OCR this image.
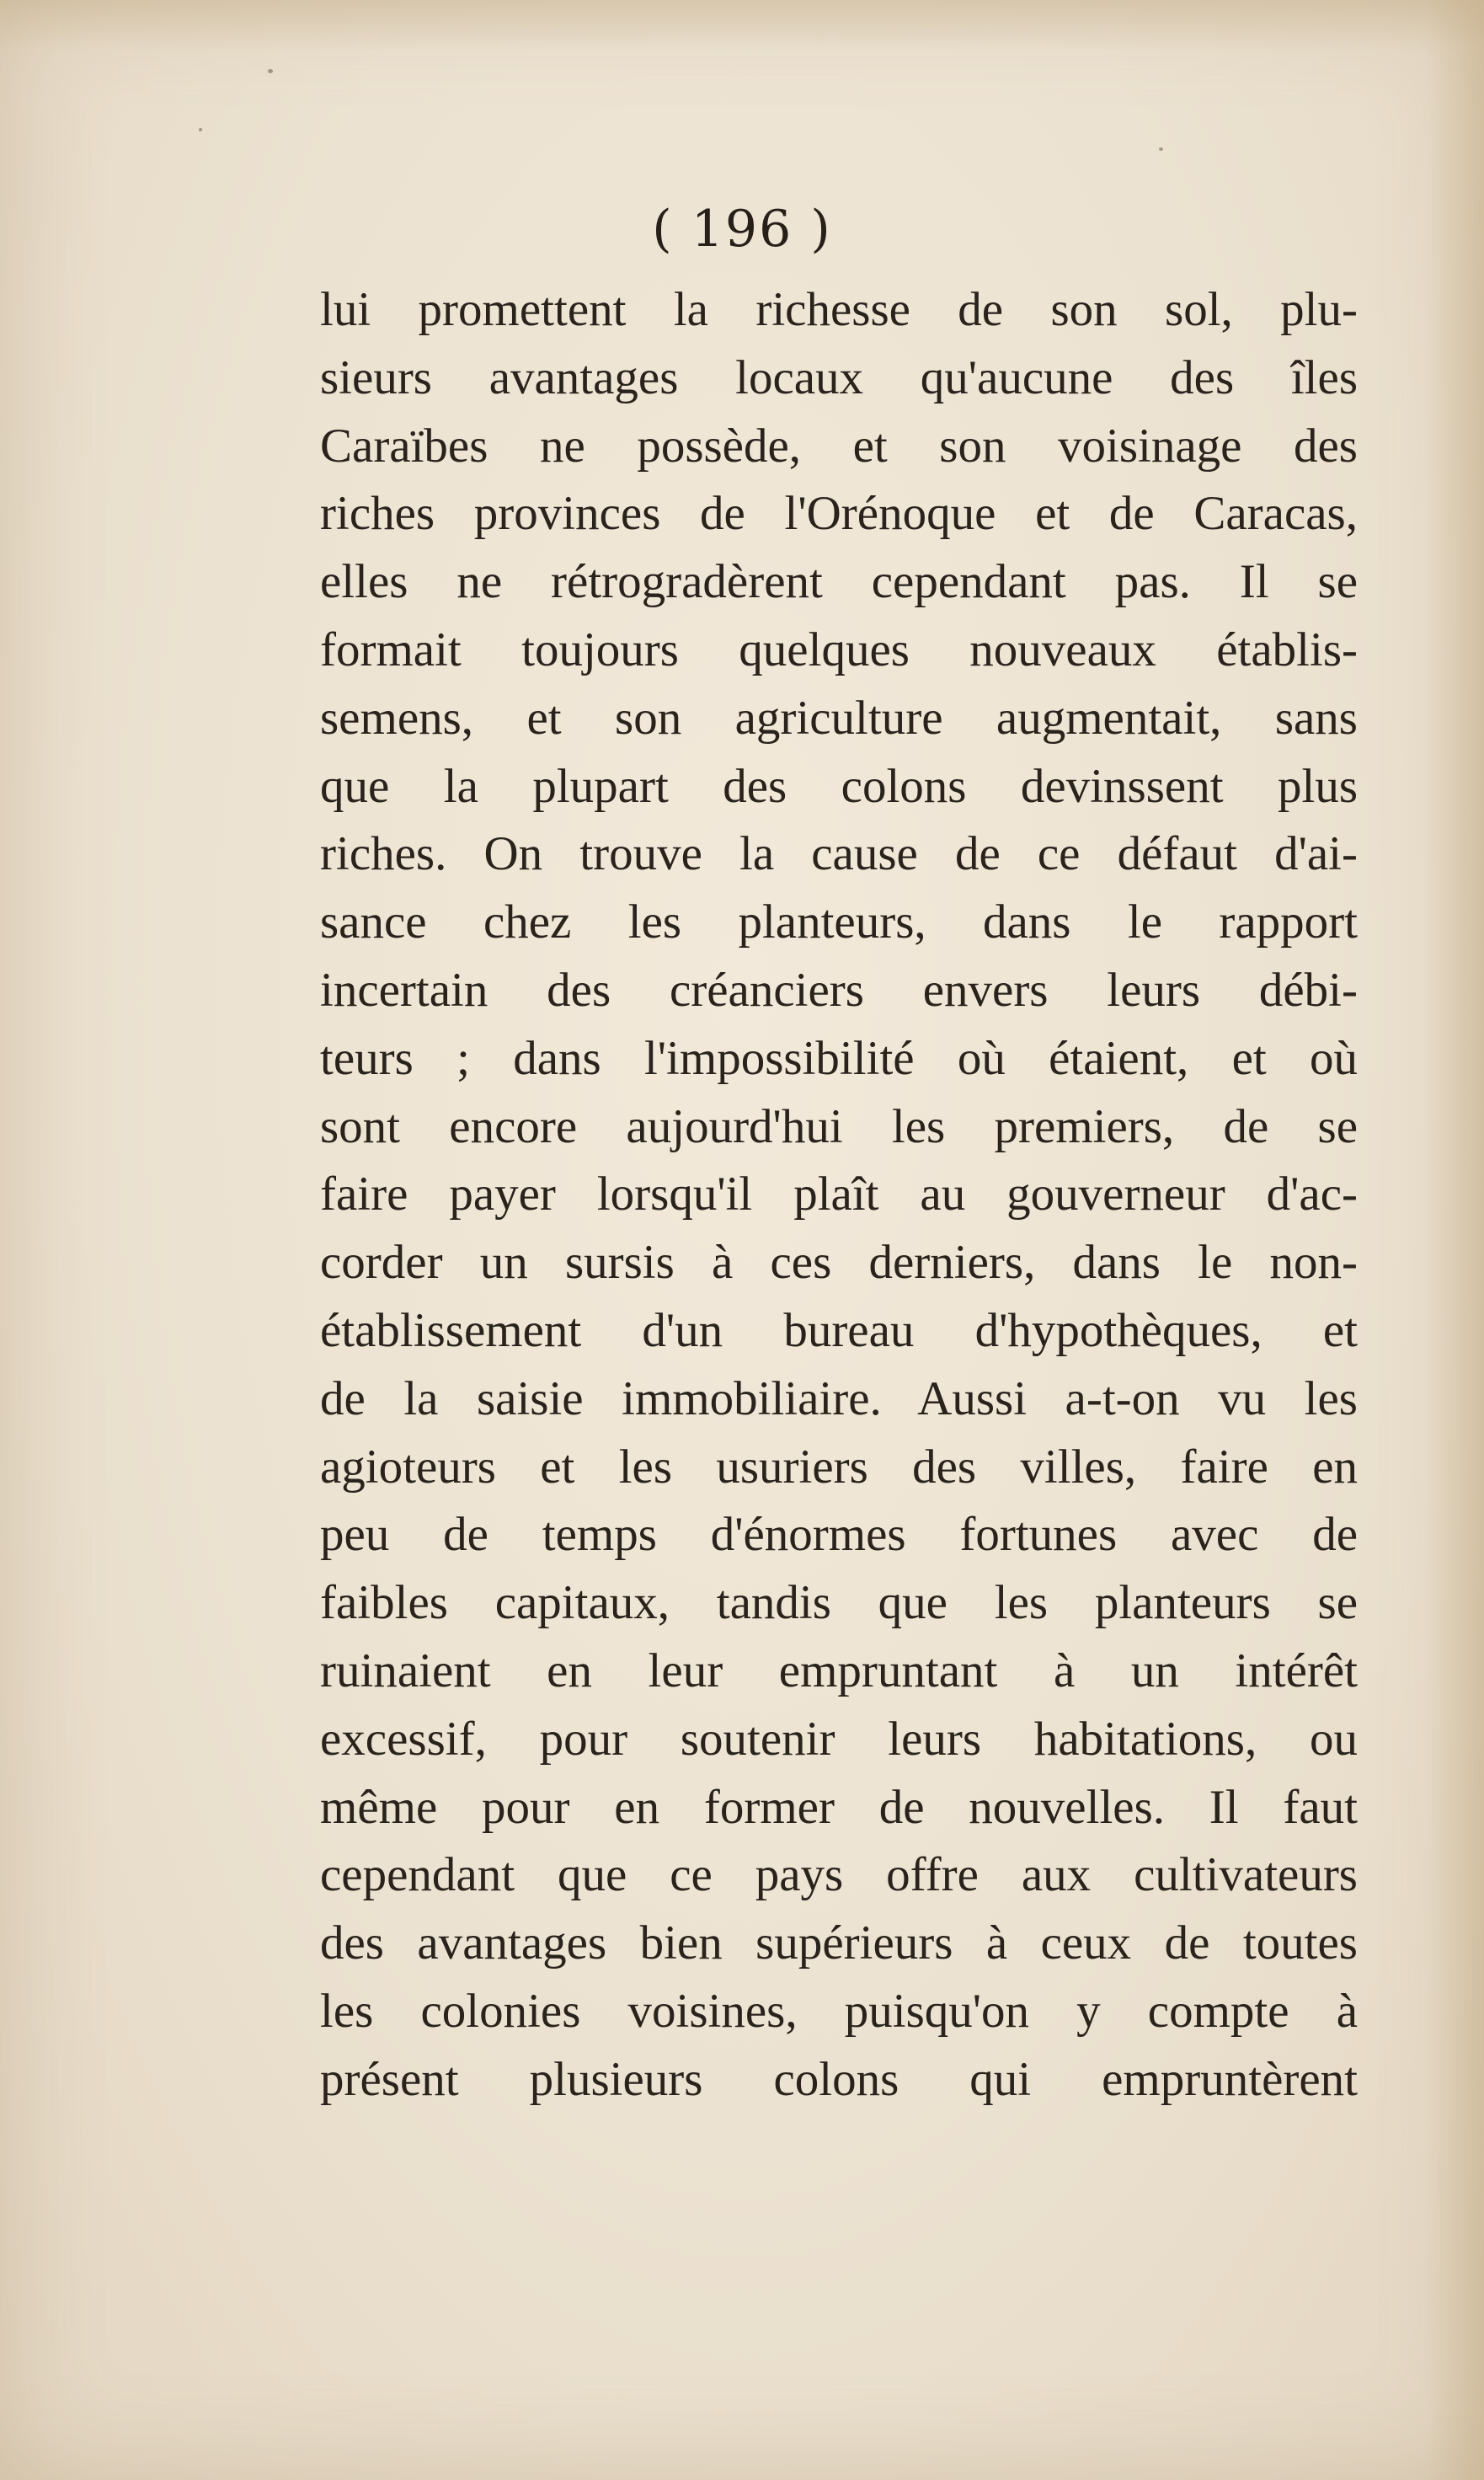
( 196 )
lui promettent la richesse de son sol, plu-
sieurs avantages locaux qu'aucune des îles
Caraïbes ne possède, et son voisinage des
riches provinces de l'Orénoque et de Caracas,
elles ne rétrogradèrent cependant pas. Il se
formait toujours quelques nouveaux établis-
semens, et son agriculture augmentait, sans
que la plupart des colons devinssent plus
riches. On trouve la cause de ce défaut d'ai-
sance chez les planteurs, dans le rapport
incertain des créanciers envers leurs débi-
teurs ; dans l'impossibilité où étaient, et où
sont encore aujourd'hui les premiers, de se
faire payer lorsqu'il plaît au gouverneur d'ac-
corder un sursis à ces derniers, dans le non-
établissement d'un bureau d'hypothèques, et
de la saisie immobiliaire. Aussi a-t-on vu les
agioteurs et les usuriers des villes, faire en
peu de temps d'énormes fortunes avec de
faibles capitaux, tandis que les planteurs se
ruinaient en leur empruntant à un intérêt
excessif, pour soutenir leurs habitations, ou
même pour en former de nouvelles. Il faut
cependant que ce pays offre aux cultivateurs
des avantages bien supérieurs à ceux de toutes
les colonies voisines, puisqu'on y compte à
présent plusieurs colons qui empruntèrent
